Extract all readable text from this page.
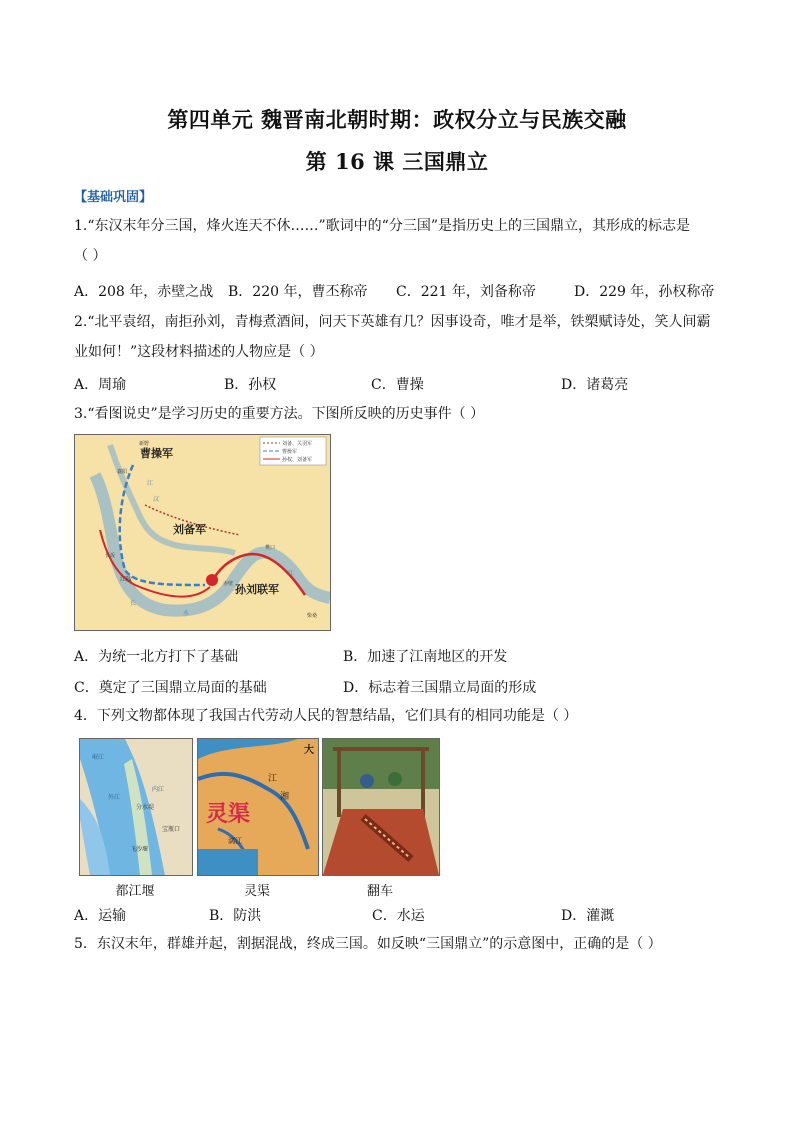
第四单元 魏晋南北朝时期：政权分立与民族交融
第 16 课 三国鼎立
【基础巩固】
1.“东汉末年分三国，烽火连天不休……”歌词中的“分三国”是指历史上的三国鼎立，其形成的标志是
（ ）
A．208 年，赤壁之战 B．220 年，曹丕称帝 C．221 年，刘备称帝	D．229 年，孙权称帝
2.“北平袁绍，南拒孙刘，青梅煮酒间，问天下英雄有几？因事设奇，唯才是举，铁槊赋诗处，笑人间霸
业如何！”这段材料描述的人物应是（ ）
A．周瑜	B．孙权	C．曹操	D．诸葛亮
3.“看图说史”是学习历史的重要方法。下图所反映的历史事件（ ）
刘备、关羽军
曹操军
孙权、刘备军
曹操军
刘备军
孙刘联军
新野
襄阳
江陵
长坂
赤壁
樊口
柴桑
江
汉
长
水
江
A．为统一北方打下了基础	B．加速了江南地区的开发
C．奠定了三国鼎立局面的基础	D．标志着三国鼎立局面的形成
4．下列文物都体现了我国古代劳动人民的智慧结晶，它们具有的相同功能是（ ）
分水堤
宝瓶口
飞沙堰
内江
外江
岷江
都江堰
灵渠
湘
江
漓江
大
灵渠	翻车
A．运输	B．防洪	C．水运	D．灌溉
5．东汉末年，群雄并起，割据混战，终成三国。如反映“三国鼎立”的示意图中，正确的是（ ）
